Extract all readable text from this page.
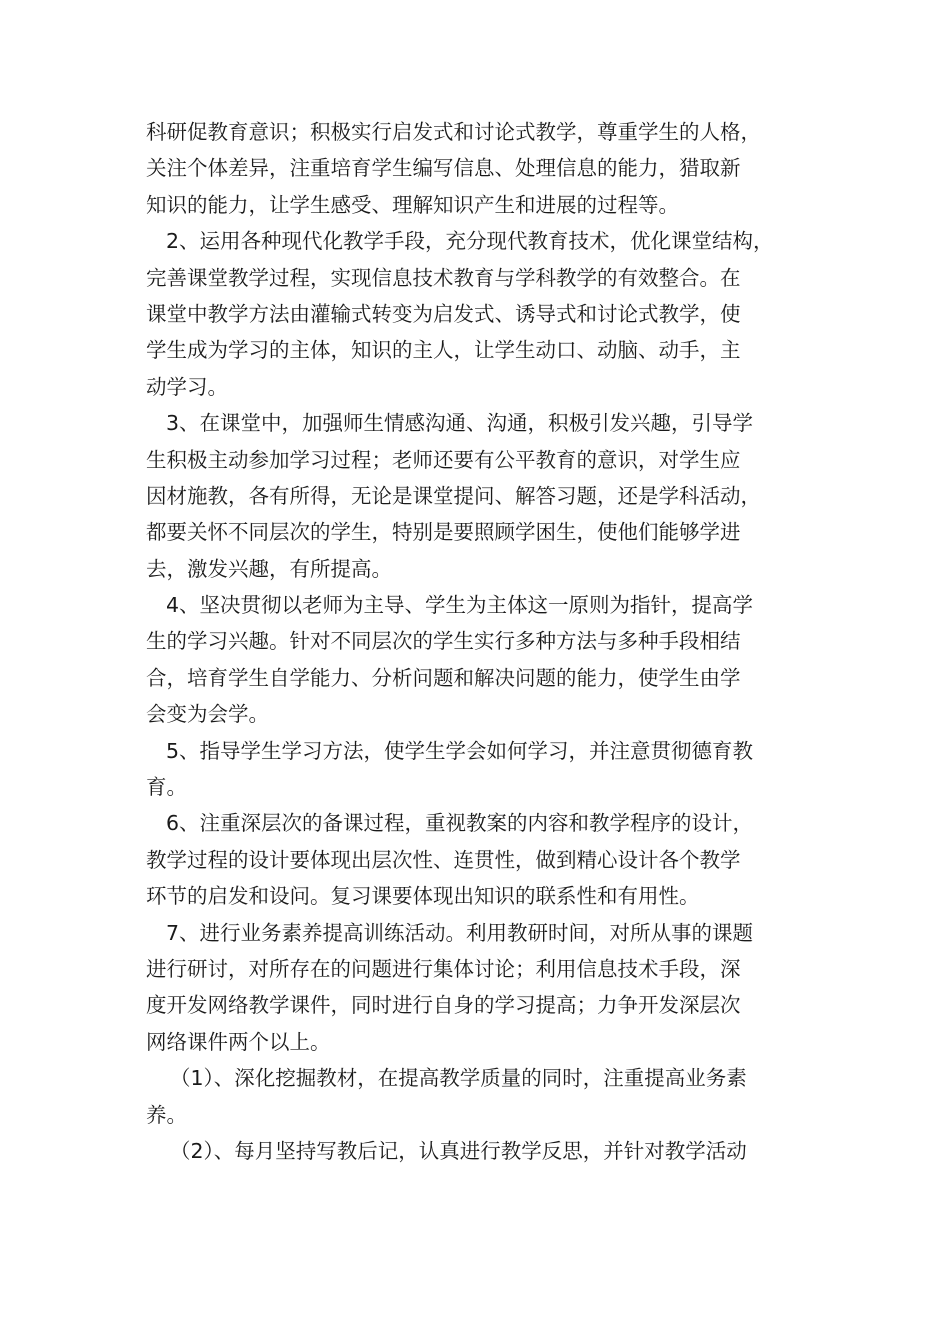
科研促教育意识；积极实行启发式和讨论式教学，尊重学生的人格，
关注个体差异，注重培育学生编写信息、处理信息的能力，猎取新
知识的能力，让学生感受、理解知识产生和进展的过程等。
2、运用各种现代化教学手段，充分现代教育技术，优化课堂结构，
完善课堂教学过程，实现信息技术教育与学科教学的有效整合。在
课堂中教学方法由灌输式转变为启发式、诱导式和讨论式教学，使
学生成为学习的主体，知识的主人，让学生动口、动脑、动手，主
动学习。
3、在课堂中，加强师生情感沟通、沟通，积极引发兴趣，引导学
生积极主动参加学习过程；老师还要有公平教育的意识，对学生应
因材施教，各有所得，无论是课堂提问、解答习题，还是学科活动，
都要关怀不同层次的学生，特别是要照顾学困生，使他们能够学进
去，激发兴趣，有所提高。
4、坚决贯彻以老师为主导、学生为主体这一原则为指针，提高学
生的学习兴趣。针对不同层次的学生实行多种方法与多种手段相结
合，培育学生自学能力、分析问题和解决问题的能力，使学生由学
会变为会学。
5、指导学生学习方法，使学生学会如何学习，并注意贯彻德育教
育。
6、注重深层次的备课过程，重视教案的内容和教学程序的设计，
教学过程的设计要体现出层次性、连贯性，做到精心设计各个教学
环节的启发和设问。复习课要体现出知识的联系性和有用性。
7、进行业务素养提高训练活动。利用教研时间，对所从事的课题
进行研讨，对所存在的问题进行集体讨论；利用信息技术手段，深
度开发网络教学课件，同时进行自身的学习提高；力争开发深层次
网络课件两个以上。
（1）、深化挖掘教材，在提高教学质量的同时，注重提高业务素
养。
（2）、每月坚持写教后记，认真进行教学反思，并针对教学活动
